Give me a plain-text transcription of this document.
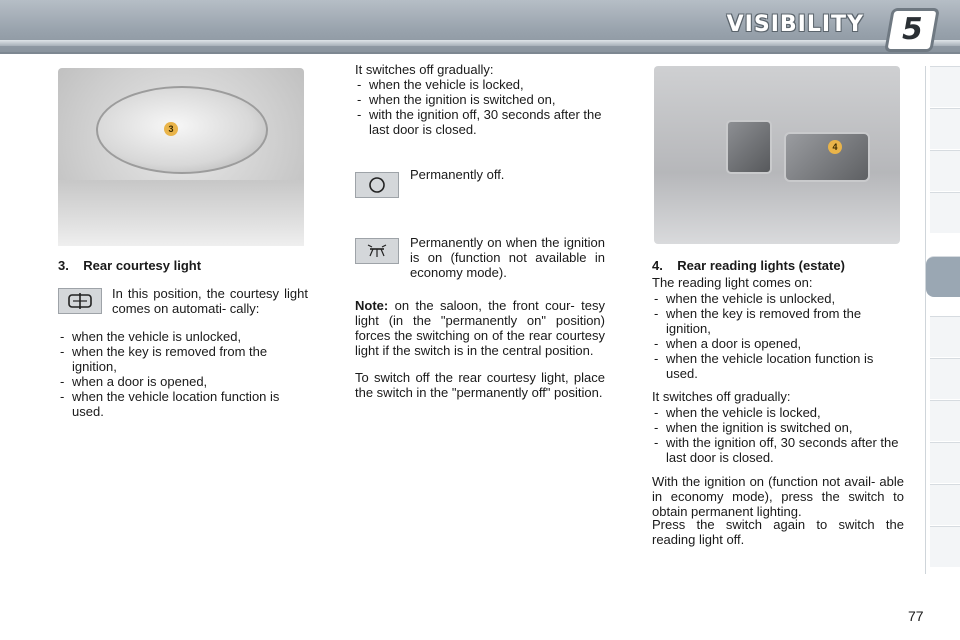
VISIBILITY	5
3
3. Rear courtesy light
In this position, the courtesy light comes on automati- cally:
- when the vehicle is unlocked,
- when the key is removed from the ignition,
- when a door is opened,
- when the vehicle location function is used.
It switches off gradually:
- when the vehicle is locked,
- when the ignition is switched on,
- with the ignition off, 30 seconds after the last door is closed.
Permanently off.
Permanently on when the ignition is on (function not available in economy mode).
Note: on the saloon, the front cour- tesy light (in the "permanently on" position) forces the switching on of the rear courtesy light if the switch is in the central position.
To switch off the rear courtesy light, place the switch in the "permanently off" position.
4
4. Rear reading lights (estate)
The reading light comes on:
- when the vehicle is unlocked,
- when the key is removed from the ignition,
- when a door is opened,
- when the vehicle location function is used.
It switches off gradually:
- when the vehicle is locked,
- when the ignition is switched on,
- with the ignition off, 30 seconds after the last door is closed.
With the ignition on (function not avail- able in economy mode), press the switch to obtain permanent lighting.
Press the switch again to switch the reading light off.
77
